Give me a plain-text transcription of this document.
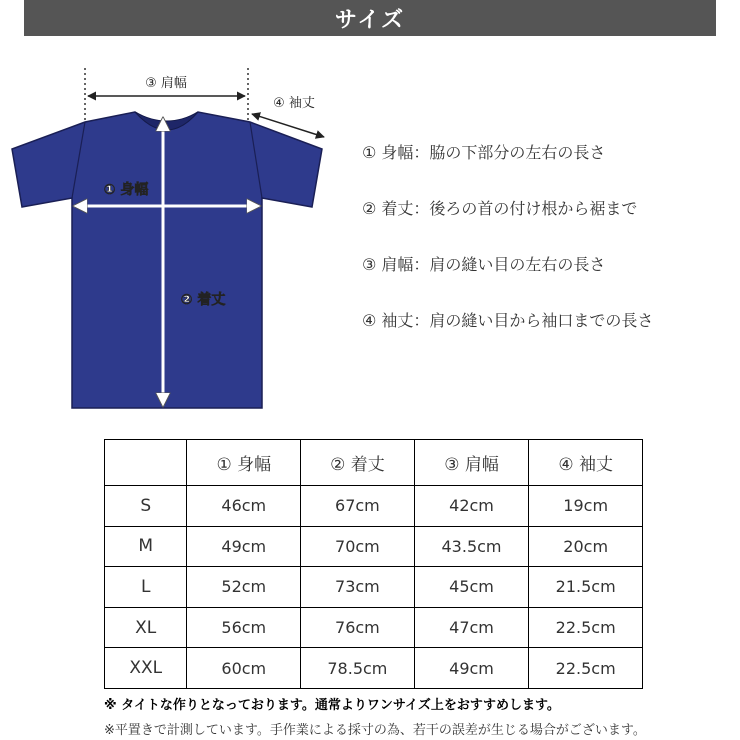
サイズ
③ 肩幅
④ 袖丈
① 身幅
② 着丈
① 身幅：脇の下部分の左右の長さ
② 着丈：後ろの首の付け根から裾まで
③ 肩幅：肩の縫い目の左右の長さ
④ 袖丈：肩の縫い目から袖口までの長さ
	① 身幅	② 着丈	③ 肩幅	④ 袖丈
S	46cm	67cm	42cm	19cm
M	49cm	70cm	43.5cm	20cm
L	52cm	73cm	45cm	21.5cm
XL	56cm	76cm	47cm	22.5cm
XXL	60cm	78.5cm	49cm	22.5cm
※ タイトな作りとなっております。通常よりワンサイズ上をおすすめします。
※平置きで計測しています。手作業による採寸の為、若干の誤差が生じる場合がございます。
